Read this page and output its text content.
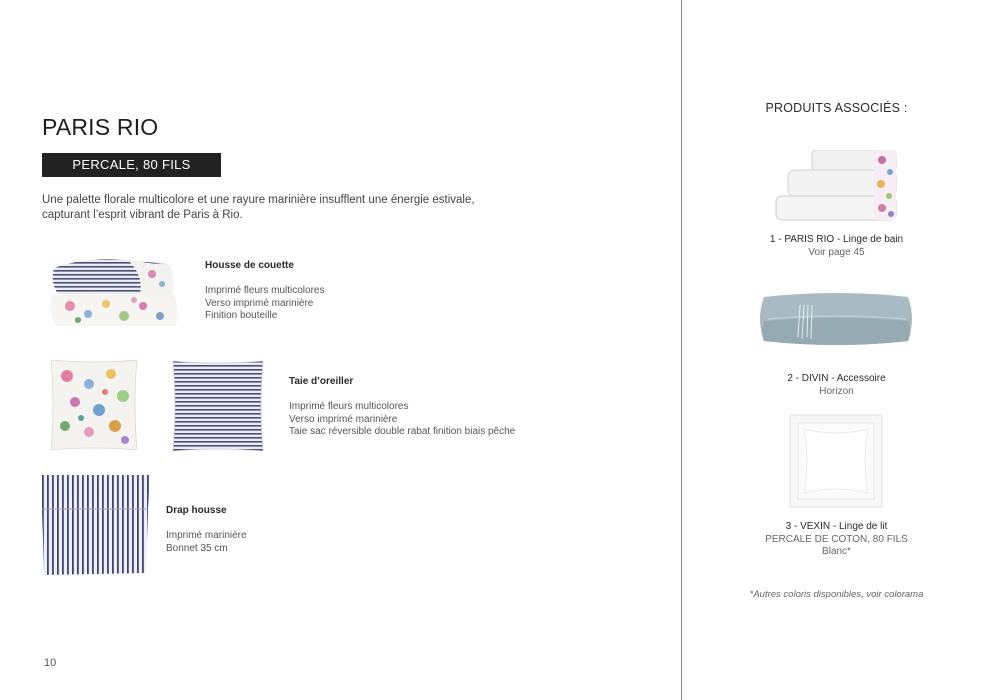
PARIS RIO
PERCALE, 80 FILS
Une palette florale multicolore et une rayure marinière insufflent une énergie estivale, capturant l’esprit vibrant de Paris à Rio.
Housse de couette
Imprimé fleurs multicolores
Verso imprimé marinière
Finition bouteille
Taie d’oreiller
Imprimé fleurs multicolores
Verso imprimé marinière
Taie sac réversible double rabat finition biais pêche
Drap housse
Imprimé marinière
Bonnet 35 cm
10
PRODUITS ASSOCIÉS :
1 - PARIS RIO - Linge de bain
Voir page 45
2 - DIVIN - Accessoire
Horizon
3 - VEXIN - Linge de lit
PERCALE DE COTON, 80 FILS
Blanc*
*Autres coloris disponibles, voir colorama
